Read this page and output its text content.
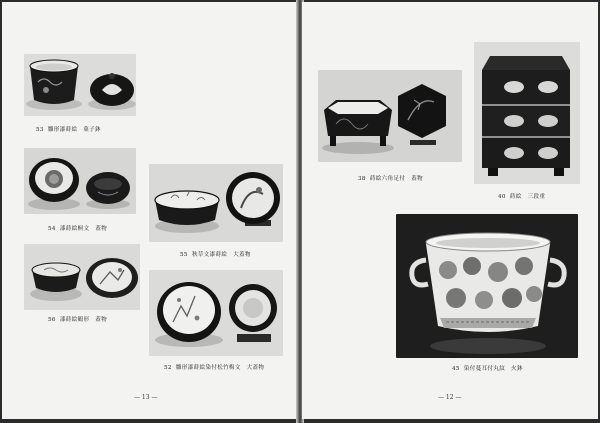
53 雛形漆蒔絵　菓子鉢
54 漆蒔絵桐文　蓋物
56 漆蒔絵鶴形　蓋物
55 秋草文漆蒔絵　大蓋物
52 雛形漆蒔絵染付松竹梅文　大蓋物
— 13 —
38 蒔絵六角足付　蓋物
40 蒔絵　三段重
45 染付蔓耳付丸紋　火鉢
— 12 —
